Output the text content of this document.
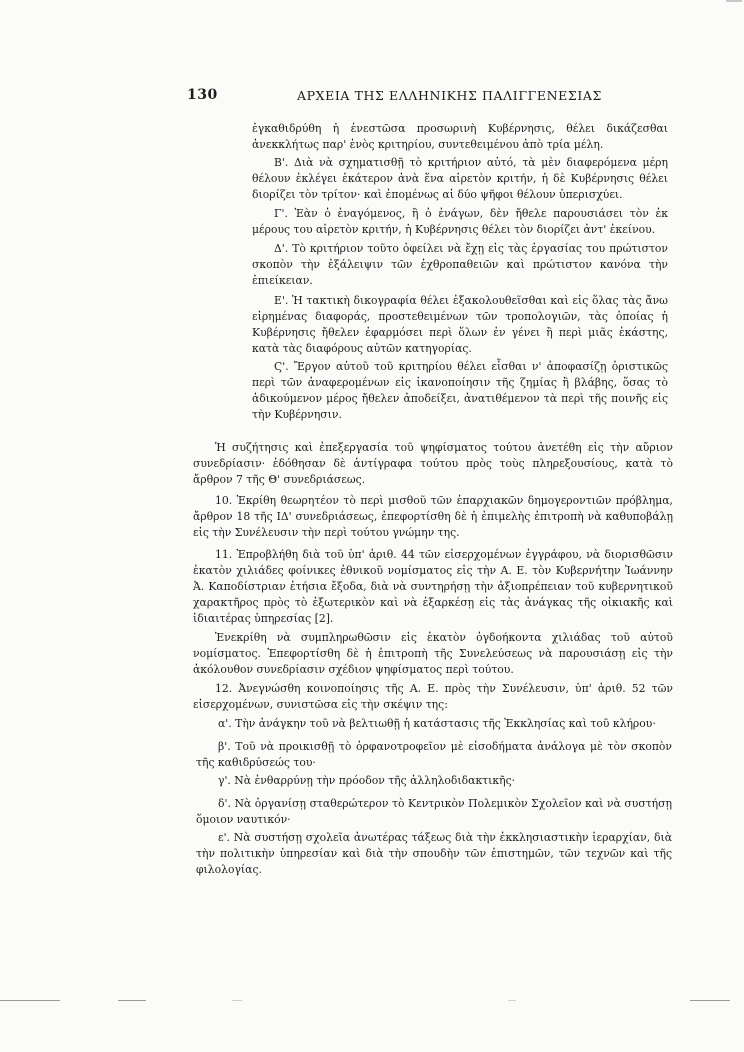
130	ΑΡΧΕΙΑ ΤΗΣ ΕΛΛΗΝΙΚΗΣ ΠΑΛΙΓΓΕΝΕΣΙΑΣ
ἐγκαθιδρύθη ἡ ἐνεστῶσα προσωρινὴ Κυβέρνησις, θέλει δικάζεσθαι ἀνεκκλήτως παρ' ἑνὸς κριτηρίου, συντεθειμένου ἀπὸ τρία μέλη.
Β'. Διὰ νὰ σχηματισθῇ τὸ κριτήριον αὐτό, τὰ μὲν διαφερόμενα μέρη θέλουν ἐκλέγει ἑκάτερον ἀνὰ ἕνα αἱρετὸν κριτήν, ἡ δὲ Κυβέρνησις θέλει διορίζει τὸν τρίτον· καὶ ἐπομένως αἱ δύο ψῆφοι θέλουν ὑπερισχύει.
Γ'. Ἐὰν ὁ ἐναγόμενος, ἢ ὁ ἐνάγων, δὲν ἤθελε παρουσιάσει τὸν ἐκ μέρους του αἱρετὸν κριτήν, ἡ Κυβέρνησις θέλει τὸν διορίζει ἀντ' ἐκείνου.
Δ'. Τὸ κριτήριον τοῦτο ὀφείλει νὰ ἔχῃ εἰς τὰς ἐργασίας του πρώτιστον σκοπὸν τὴν ἐξάλειψιν τῶν ἐχθροπαθειῶν καὶ πρώτιστον κανόνα τὴν ἐπιείκειαν.
Ε'. Ἡ τακτικὴ δικογραφία θέλει ἐξακολουθεῖσθαι καὶ εἰς ὅλας τὰς ἄνω εἰρημένας διαφοράς, προστεθειμένων τῶν τροπολογιῶν, τὰς ὁποίας ἡ Κυβέρνησις ἤθελεν ἐφαρμόσει περὶ ὅλων ἐν γένει ἢ περὶ μιᾶς ἑκάστης, κατὰ τὰς διαφόρους αὐτῶν κατηγορίας.
Ϛ'. Ἔργον αὐτοῦ τοῦ κριτηρίου θέλει εἶσθαι ν' ἀποφασίζῃ ὁριστικῶς περὶ τῶν ἀναφερομένων εἰς ἱκανοποίησιν τῆς ζημίας ἢ βλάβης, ὅσας τὸ ἀδικούμενον μέρος ἤθελεν ἀποδείξει, ἀνατιθέμενον τὰ περὶ τῆς ποινῆς εἰς τὴν Κυβέρνησιν.
Ἡ συζήτησις καὶ ἐπεξεργασία τοῦ ψηφίσματος τούτου ἀνετέθη εἰς τὴν αὔριον συνεδρίασιν· ἐδόθησαν δὲ ἀντίγραφα τούτου πρὸς τοὺς πληρεξουσίους, κατὰ τὸ ἄρθρον 7 τῆς Θ' συνεδριάσεως.
10. Ἐκρίθη θεωρητέον τὸ περὶ μισθοῦ τῶν ἐπαρχιακῶν δημογεροντιῶν πρόβλημα, ἄρθρον 18 τῆς ΙΔ' συνεδριάσεως, ἐπεφορτίσθη δὲ ἡ ἐπιμελὴς ἐπιτροπὴ νὰ καθυποβάλῃ εἰς τὴν Συνέλευσιν τὴν περὶ τούτου γνώμην της.
11. Ἐπροβλήθη διὰ τοῦ ὑπ' ἀριθ. 44 τῶν εἰσερχομένων ἐγγράφου, νὰ διορισθῶσιν ἑκατὸν χιλιάδες φοίνικες ἐθνικοῦ νομίσματος εἰς τὴν Α. Ε. τὸν Κυβερνήτην Ἰωάννην Ἀ. Καποδίστριαν ἐτήσια ἔξοδα, διὰ νὰ συντηρήσῃ τὴν ἀξιοπρέπειαν τοῦ κυβερνητικοῦ χαρακτῆρος πρὸς τὸ ἐξωτερικὸν καὶ νὰ ἐξαρκέσῃ εἰς τὰς ἀνάγκας τῆς οἰκιακῆς καὶ ἰδιαιτέρας ὑπηρεσίας [2].
Ἐνεκρίθη νὰ συμπληρωθῶσιν εἰς ἑκατὸν ὀγδοήκοντα χιλιάδας τοῦ αὐτοῦ νομίσματος. Ἐπεφορτίσθη δὲ ἡ ἐπιτροπὴ τῆς Συνελεύσεως νὰ παρουσιάσῃ εἰς τὴν ἀκόλουθον συνεδρίασιν σχέδιον ψηφίσματος περὶ τούτου.
12. Ἀνεγνώσθη κοινοποίησις τῆς Α. Ε. πρὸς τὴν Συνέλευσιν, ὑπ' ἀριθ. 52 τῶν εἰσερχομένων, συνιστῶσα εἰς τὴν σκέψιν της:
α'. Τὴν ἀνάγκην τοῦ νὰ βελτιωθῇ ἡ κατάστασις τῆς Ἐκκλησίας καὶ τοῦ κλήρου·
β'. Τοῦ νὰ προικισθῇ τὸ ὀρφανοτροφεῖον μὲ εἰσοδήματα ἀνάλογα μὲ τὸν σκοπὸν τῆς καθιδρύσεώς του·
γ'. Νὰ ἐνθαρρύνῃ τὴν πρόοδον τῆς ἀλληλοδιδακτικῆς·
δ'. Νὰ ὀργανίσῃ σταθερώτερον τὸ Κεντρικὸν Πολεμικὸν Σχολεῖον καὶ νὰ συστήσῃ ὅμοιον ναυτικόν·
ε'. Νὰ συστήσῃ σχολεῖα ἀνωτέρας τάξεως διὰ τὴν ἐκκλησιαστικὴν ἱεραρχίαν, διὰ τὴν πολιτικὴν ὑπηρεσίαν καὶ διὰ τὴν σπουδὴν τῶν ἐπιστημῶν, τῶν τεχνῶν καὶ τῆς φιλολογίας.
